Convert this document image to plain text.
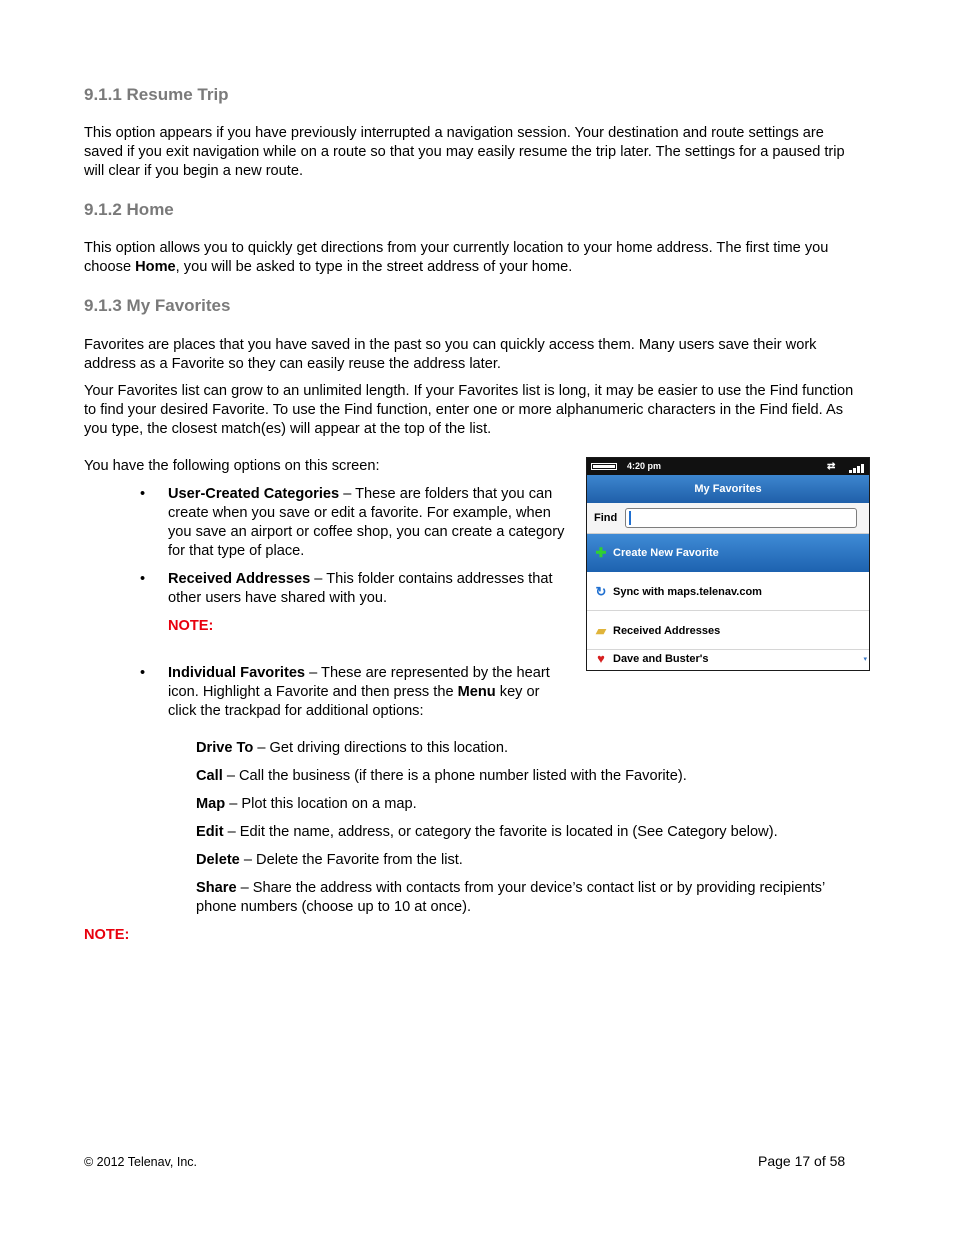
9.1.1 Resume Trip
This option appears if you have previously interrupted a navigation session. Your destination and route settings are saved if you exit navigation while on a route so that you may easily resume the trip later. The settings for a paused trip will clear if you begin a new route.
9.1.2 Home
This option allows you to quickly get directions from your currently location to your home address. The first time you choose Home, you will be asked to type in the street address of your home.
9.1.3 My Favorites
Favorites are places that you have saved in the past so you can quickly access them. Many users save their work address as a Favorite so they can easily reuse the address later.
Your Favorites list can grow to an unlimited length. If your Favorites list is long, it may be easier to use the Find function to find your desired Favorite. To use the Find function, enter one or more alphanumeric characters in the Find field. As you type, the closest match(es) will appear at the top of the list.
You have the following options on this screen:
• User-Created Categories – These are folders that you can create when you save or edit a favorite. For example, when you save an airport or coffee shop, you can create a category for that type of place.
• Received Addresses – This folder contains addresses that other users have shared with you.
NOTE:
• Individual Favorites – These are represented by the heart icon. Highlight a Favorite and then press the Menu key or click the trackpad for additional options:
Drive To – Get driving directions to this location.
Call – Call the business (if there is a phone number listed with the Favorite).
Map – Plot this location on a map.
Edit – Edit the name, address, or category the favorite is located in (See Category below).
Delete – Delete the Favorite from the list.
Share – Share the address with contacts from your device’s contact list or by providing recipients’ phone numbers (choose up to 10 at once).
NOTE:
4:20 pm	⇄
My Favorites
Find
✚ Create New Favorite
↻ Sync with maps.telenav.com
▰ Received Addresses
♥ Dave and Buster's	▾
© 2012 Telenav, Inc.	Page 17 of 58
